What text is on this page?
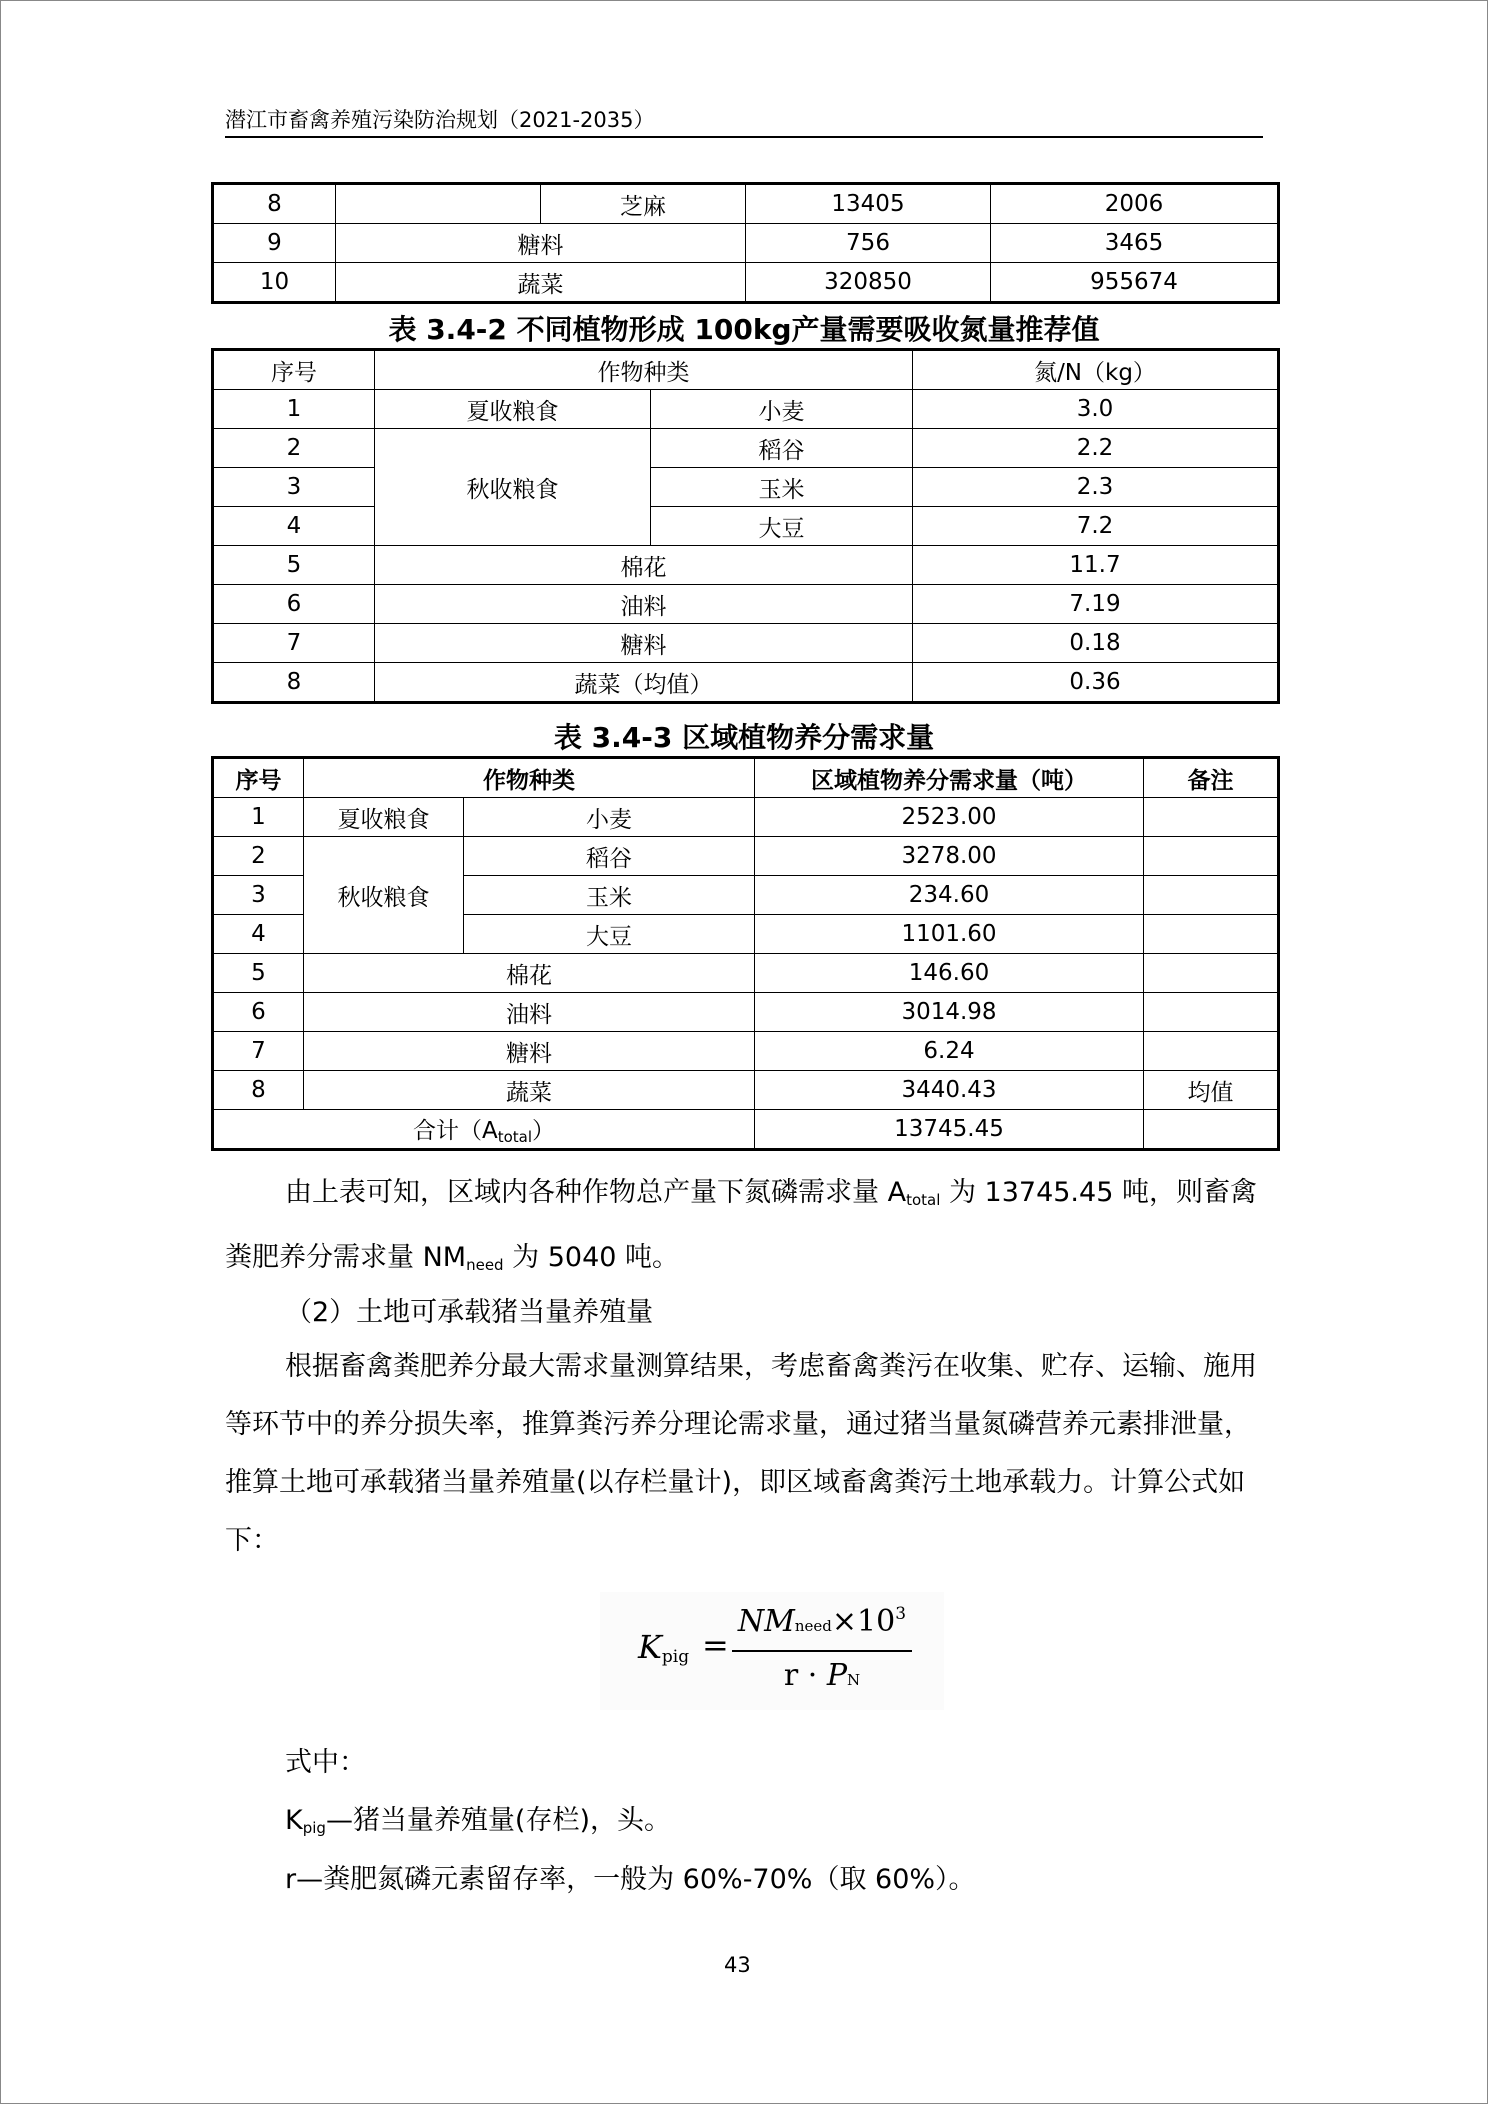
潜江市畜禽养殖污染防治规划（2021-2035）
8		芝麻	13405	2006
9	糖料		756	3465
10	蔬菜		320850	955674
表 3.4-2 不同植物形成 100kg产量需要吸收氮量推荐值
序号	作物种类		氮/N（kg）
1	夏收粮食	小麦	3.0
2	秋收粮食	稻谷	2.2
3		玉米	2.3
4		大豆	7.2
5	棉花		11.7
6	油料		7.19
7	糖料		0.18
8	蔬菜（均值）		0.36
表 3.4-3 区域植物养分需求量
序号	作物种类		区域植物养分需求量（吨）	备注
1	夏收粮食	小麦	2523.00	
2	秋收粮食	稻谷	3278.00	
3		玉米	234.60	
4		大豆	1101.60	
5	棉花		146.60	
6	油料		3014.98	
7	糖料		6.24	
8	蔬菜		3440.43	均值
合计$(A_{total})$			13745.45	
由上表可知，区域内各种作物总产量下氮磷需求量 $A_{total}$ 为 13745.45 吨，则畜禽粪肥养分需求量 $NM_{need}$ 为 5040 吨。
（2）土地可承载猪当量养殖量
根据畜禽粪肥养分最大需求量测算结果，考虑畜禽粪污在收集、贮存、运输、施用等环节中的养分损失率，推算粪污养分理论需求量，通过猪当量氮磷营养元素排泄量，推算土地可承载猪当量养殖量(以存栏量计)，即区域畜禽粪污土地承载力。计算公式如下：
$K_{pig}$ =
$NMneed\times 10^3$
r · PN
式中：
$K_{pig}—$猪当量养殖量(存栏)，头。
r—粪肥氮磷元素留存率，一般为 60%-70%（取 60%）。
43
